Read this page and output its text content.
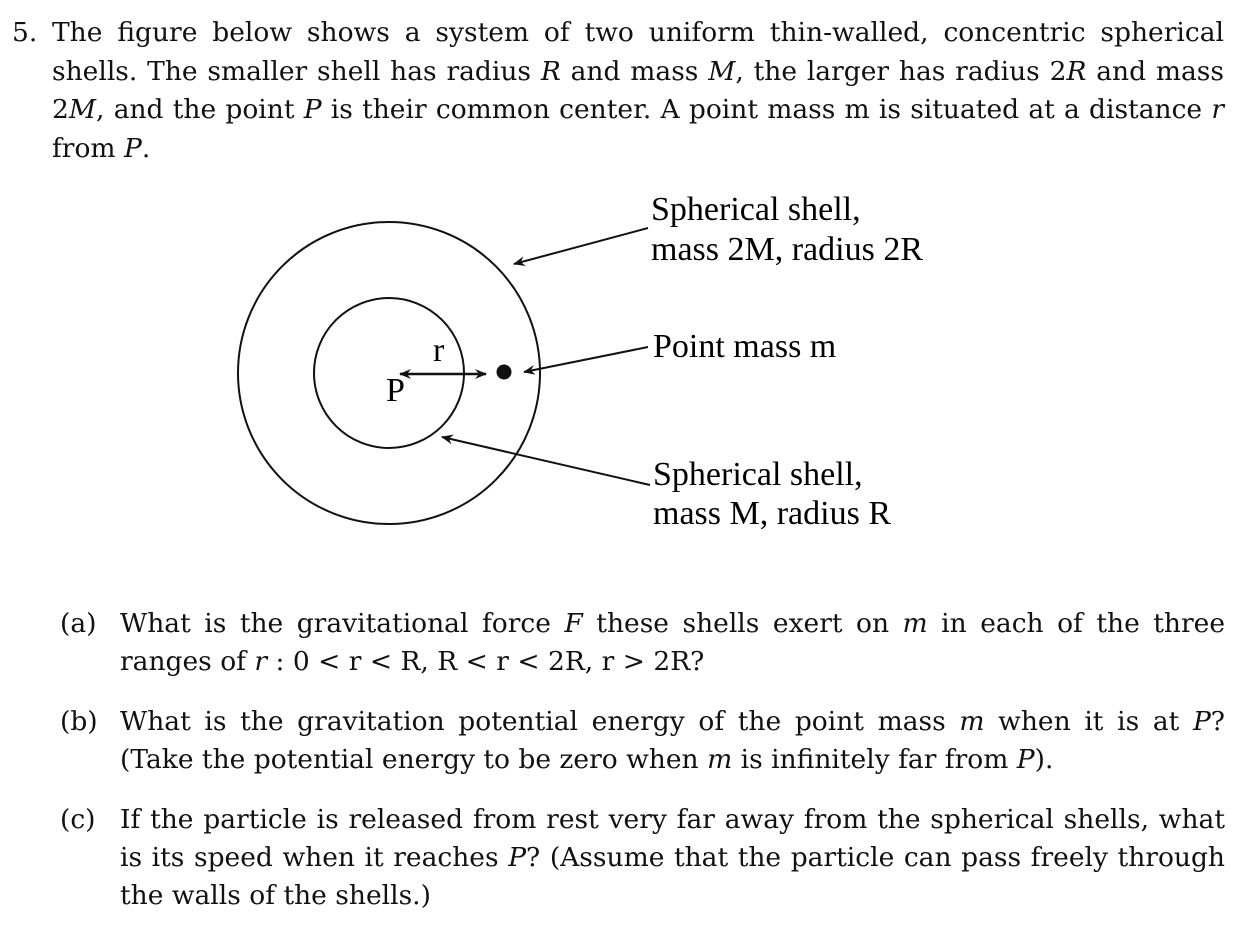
5. The figure below shows a system of two uniform thin-walled, concentric spherical shells. The smaller shell has radius R and mass M, the larger has radius 2R and mass 2M, and the point P is their common center. A point mass m is situated at a distance r from P.
P
r
Spherical shell,
mass 2M, radius 2R
Point mass m
Spherical shell,
mass M, radius R
(a) What is the gravitational force F these shells exert on m in each of the three ranges of r : 0 < r < R, R < r < 2R, r > 2R?
(b) What is the gravitation potential energy of the point mass m when it is at P? (Take the potential energy to be zero when m is infinitely far from P).
(c) If the particle is released from rest very far away from the spherical shells, what is its speed when it reaches P? (Assume that the particle can pass freely through the walls of the shells.)
